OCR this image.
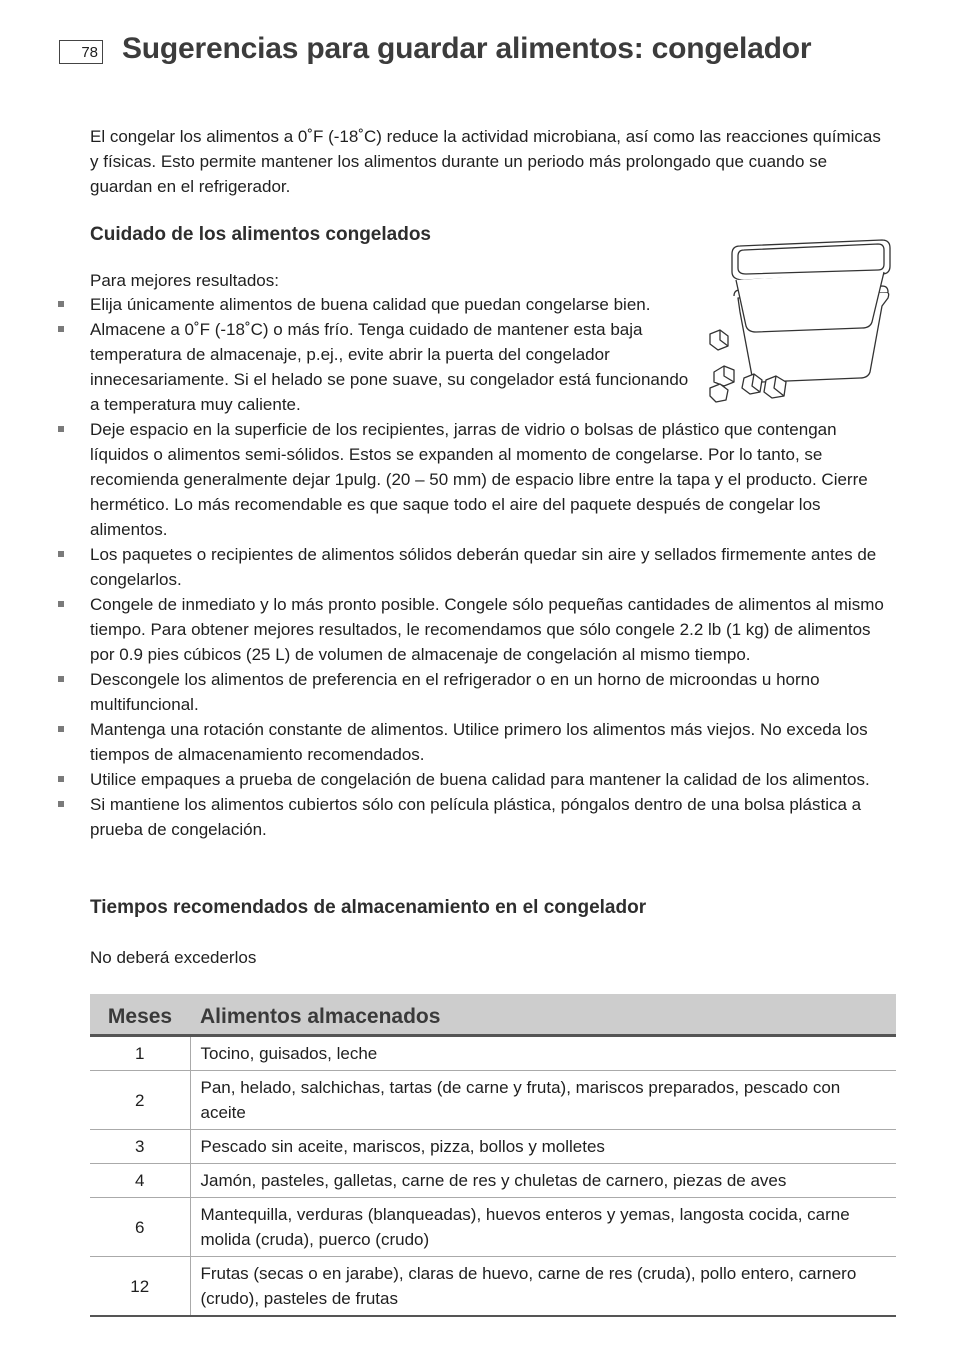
78 Sugerencias para guardar alimentos: congelador

El congelar los alimentos a 0˚F (-18˚C) reduce la actividad microbiana, así como las reacciones químicas y físicas. Esto permite mantener los alimentos durante un periodo más prolongado que cuando se guardan en el refrigerador.

Cuidado de los alimentos congelados

Para mejores resultados:

Elija únicamente alimentos de buena calidad que puedan congelarse bien.
Almacene a 0˚F (-18˚C) o más frío. Tenga cuidado de mantener esta baja temperatura de almacenaje, p.ej., evite abrir la puerta del congelador innecesariamente. Si el helado se pone suave, su congelador está funcionando a temperatura muy caliente.
Deje espacio en la superficie de los recipientes, jarras de vidrio o bolsas de plástico que contengan líquidos o alimentos semi-sólidos. Estos se expanden al momento de congelarse. Por lo tanto, se recomienda generalmente dejar 1pulg. (20 – 50 mm) de espacio libre entre la tapa y el producto. Cierre hermético. Lo más recomendable es que saque todo el aire del paquete después de congelar los alimentos.
Los paquetes o recipientes de alimentos sólidos deberán quedar sin aire y sellados firmemente antes de congelarlos.
Congele de inmediato y lo más pronto posible. Congele sólo pequeñas cantidades de alimentos al mismo tiempo. Para obtener mejores resultados, le recomendamos que sólo congele 2.2 lb (1 kg) de alimentos por 0.9 pies cúbicos (25 L) de volumen de almacenaje de congelación al mismo tiempo.
Descongele los alimentos de preferencia en el refrigerador o en un horno de microondas u horno multifuncional.
Mantenga una rotación constante de alimentos. Utilice primero los alimentos más viejos. No exceda los tiempos de almacenamiento recomendados.
Utilice empaques a prueba de congelación de buena calidad para mantener la calidad de los alimentos.
Si mantiene los alimentos cubiertos sólo con película plástica, póngalos dentro de una bolsa plástica a prueba de congelación.
Tiempos recomendados de almacenamiento en el congelador

No deberá excederlos

Meses	Alimentos almacenados
1	Tocino, guisados, leche
2	Pan, helado, salchichas, tartas (de carne y fruta), mariscos preparados, pescado con aceite
3	Pescado sin aceite, mariscos, pizza, bollos y molletes
4	Jamón, pasteles, galletas, carne de res y chuletas de carnero, piezas de aves
6	Mantequilla, verduras (blanqueadas), huevos enteros y yemas, langosta cocida, carne molida (cruda), puerco (crudo)
12	Frutas (secas o en jarabe), claras de huevo, carne de res (cruda), pollo entero, carnero (crudo), pasteles de frutas
